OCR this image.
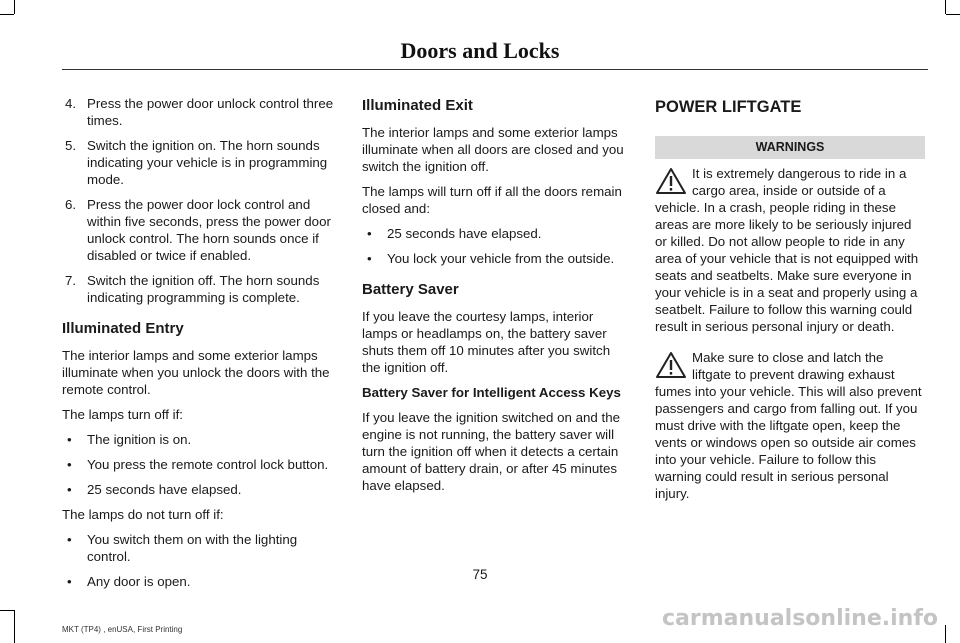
Doors and Locks
4. Press the power door unlock control three times.
5. Switch the ignition on. The horn sounds indicating your vehicle is in programming mode.
6. Press the power door lock control and within five seconds, press the power door unlock control. The horn sounds once if disabled or twice if enabled.
7. Switch the ignition off. The horn sounds indicating programming is complete.
Illuminated Entry

The interior lamps and some exterior lamps illuminate when you unlock the doors with the remote control.

The lamps turn off if:

• The ignition is on.
• You press the remote control lock button.
• 25 seconds have elapsed.

The lamps do not turn off if:

• You switch them on with the lighting control.
• Any door is open.
Illuminated Exit

The interior lamps and some exterior lamps illuminate when all doors are closed and you switch the ignition off.

The lamps will turn off if all the doors remain closed and:

• 25 seconds have elapsed.
• You lock your vehicle from the outside.
Battery Saver

If you leave the courtesy lamps, interior lamps or headlamps on, the battery saver shuts them off 10 minutes after you switch the ignition off.

Battery Saver for Intelligent Access Keys

If you leave the ignition switched on and the engine is not running, the battery saver will turn the ignition off when it detects a certain amount of battery drain, or after 45 minutes have elapsed.

POWER LIFTGATE
WARNINGS
It is extremely dangerous to ride in a cargo area, inside or outside of a vehicle. In a crash, people riding in these areas are more likely to be seriously injured or killed. Do not allow people to ride in any area of your vehicle that is not equipped with seats and seatbelts. Make sure everyone in your vehicle is in a seat and properly using a seatbelt. Failure to follow this warning could result in serious personal injury or death.
Make sure to close and latch the liftgate to prevent drawing exhaust fumes into your vehicle. This will also prevent passengers and cargo from falling out. If you must drive with the liftgate open, keep the vents or windows open so outside air comes into your vehicle. Failure to follow this warning could result in serious personal injury.
75
MKT (TP4) , enUSA, First Printing	carmanualsonline.info
